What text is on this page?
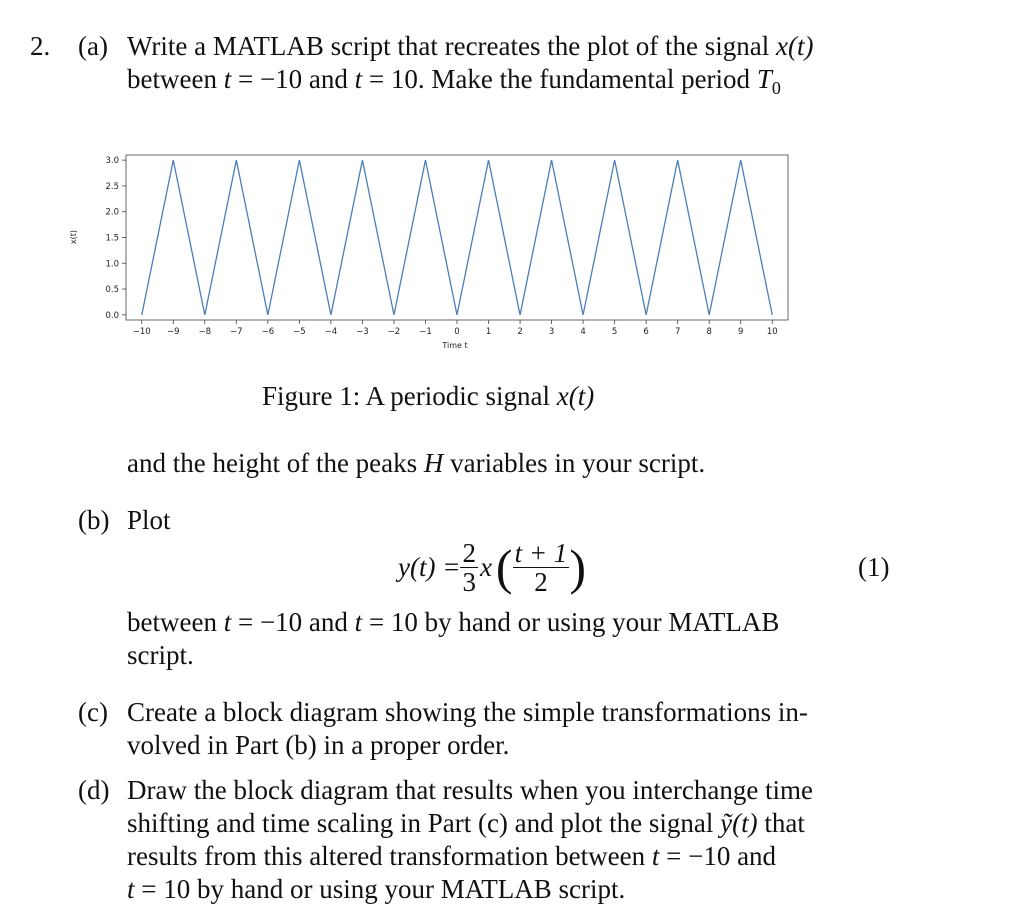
2. (a) Write a MATLAB script that recreates the plot of the signal x(t)
between t = −10 and t = 10. Make the fundamental period $T_0$
0.0
0.5
1.0
1.5
2.0
2.5
3.0
−10 −9 −8 −7 −6 −5 −4 −3 −2 −1	0	1	2	3	4	5	6	7	8	9	10
Time t
x(t)
Figure 1: A periodic signal x(t)
and the height of the peaks H variables in your script.
(b) Plot
$y(t) = \frac{2}{3}$ x ( $\frac{t + 1}{2}$ )	(1)
between t = −10 and t = 10 by hand or using your MATLAB
script.
(c) Create a block diagram showing the simple transformations in-
volved in Part (b) in a proper order.
(d) Draw the block diagram that results when you interchange time
shifting and time scaling in Part (c) and plot the signal ỹ(t) that
results from this altered transformation between t = −10 and
t = 10 by hand or using your MATLAB script.
